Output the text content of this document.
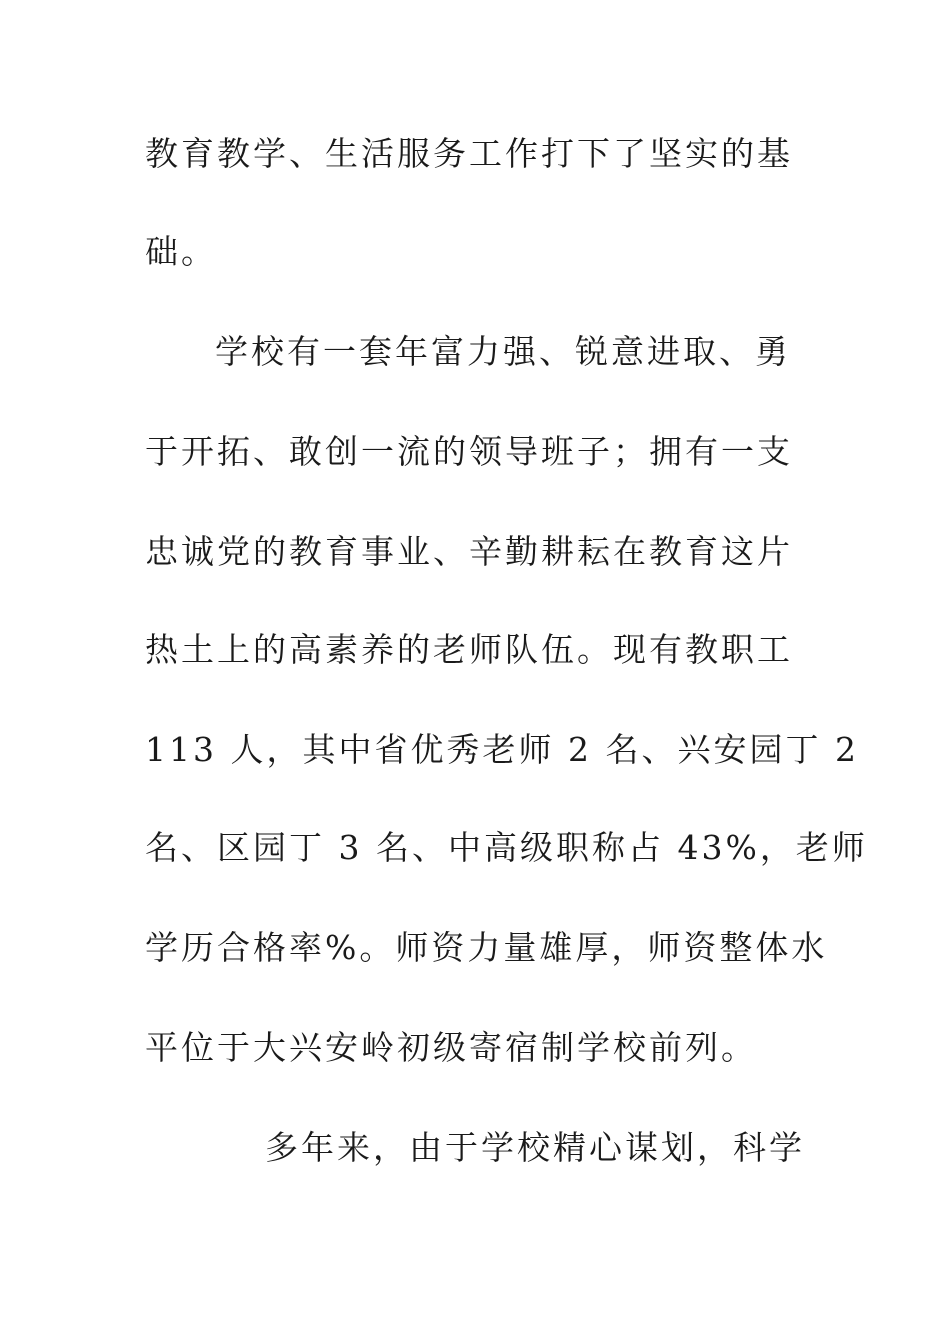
教育教学、生活服务工作打下了坚实的基
础。
学校有一套年富力强、锐意进取、勇
于开拓、敢创一流的领导班子；拥有一支
忠诚党的教育事业、辛勤耕耘在教育这片
热土上的高素养的老师队伍。现有教职工
113 人，其中省优秀老师 2 名、兴安园丁 2
名、区园丁 3 名、中高级职称占 43%，老师
学历合格率%。师资力量雄厚，师资整体水
平位于大兴安岭初级寄宿制学校前列。
多年来，由于学校精心谋划，科学
